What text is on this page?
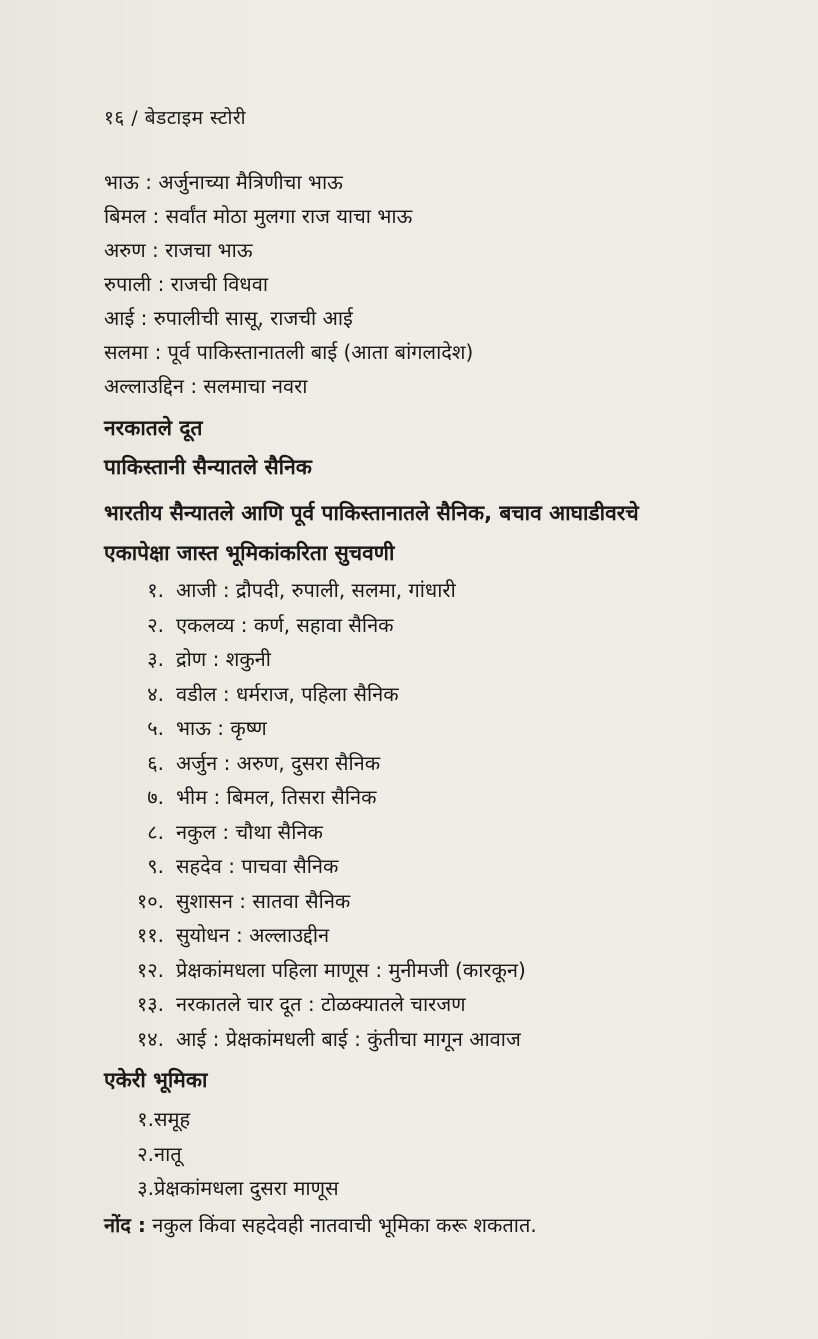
१६ / बेडटाइम स्टोरी
भाऊ : अर्जुनाच्या मैत्रिणीचा भाऊ
बिमल : सर्वांत मोठा मुलगा राज याचा भाऊ
अरुण : राजचा भाऊ
रुपाली : राजची विधवा
आई : रुपालीची सासू, राजची आई
सलमा : पूर्व पाकिस्तानातली बाई (आता बांगलादेश)
अल्लाउद्दिन : सलमाचा नवरा
नरकातले दूत
पाकिस्तानी सैन्यातले सैनिक
भारतीय सैन्यातले आणि पूर्व पाकिस्तानातले सैनिक, बचाव आघाडीवरचे
एकापेक्षा जास्त भूमिकांकरिता सुचवणी
१. आजी : द्रौपदी, रुपाली, सलमा, गांधारी
२. एकलव्य : कर्ण, सहावा सैनिक
३. द्रोण : शकुनी
४. वडील : धर्मराज, पहिला सैनिक
५. भाऊ : कृष्ण
६. अर्जुन : अरुण, दुसरा सैनिक
७. भीम : बिमल, तिसरा सैनिक
८. नकुल : चौथा सैनिक
९. सहदेव : पाचवा सैनिक
१०. सुशासन : सातवा सैनिक
११. सुयोधन : अल्लाउद्दीन
१२. प्रेक्षकांमधला पहिला माणूस : मुनीमजी (कारकून)
१३. नरकातले चार दूत : टोळक्यातले चारजण
१४. आई : प्रेक्षकांमधली बाई : कुंतीचा मागून आवाज
एकेरी भूमिका
१.समूह
२.नातू
३.प्रेक्षकांमधला दुसरा माणूस
नोंद : नकुल किंवा सहदेवही नातवाची भूमिका करू शकतात.
